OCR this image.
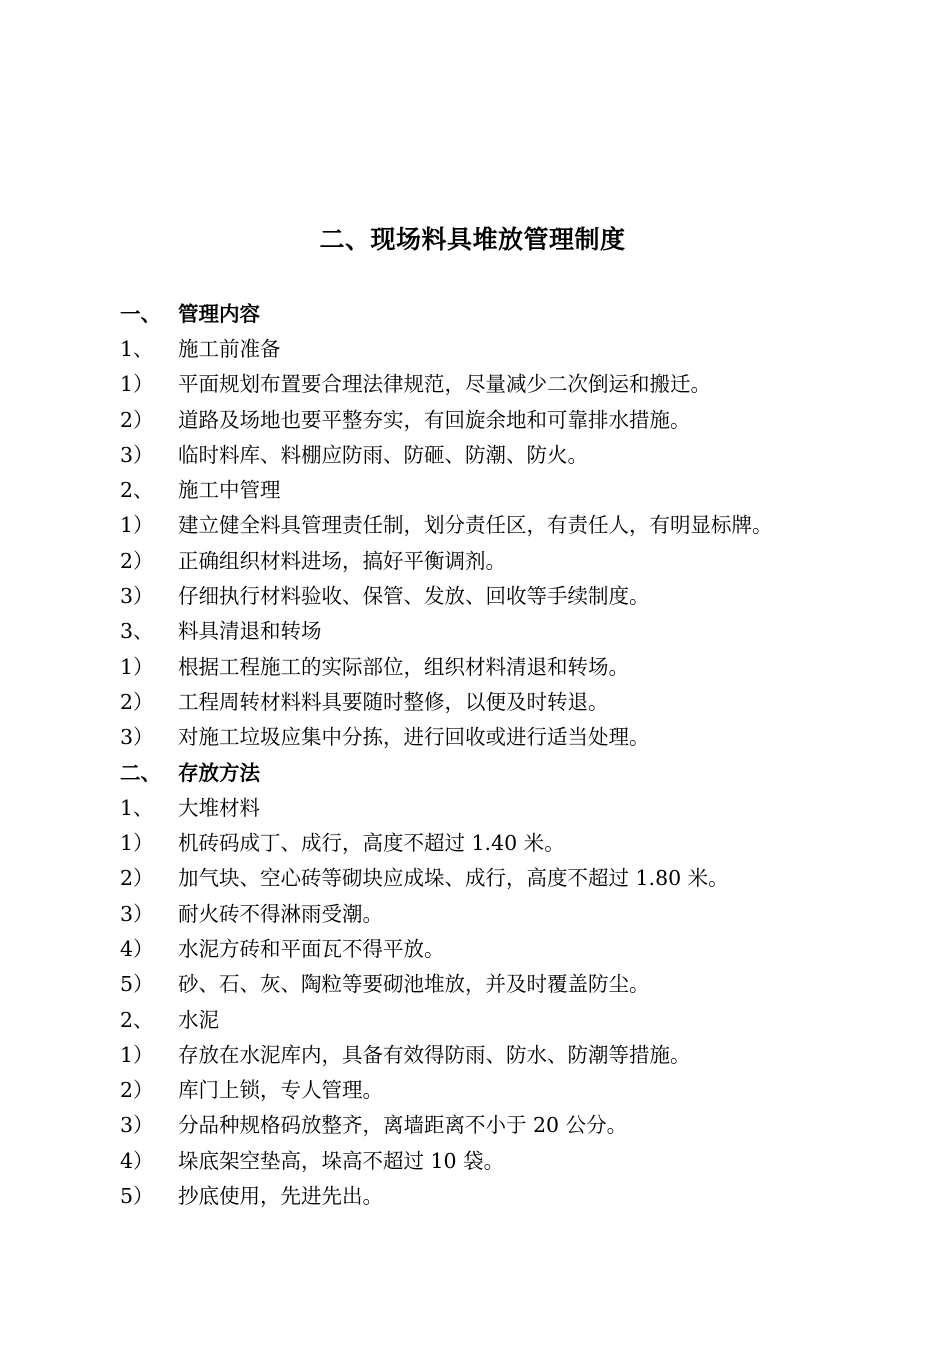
二、现场料具堆放管理制度
一、 管理内容
1、	施工前准备
1）	平面规划布置要合理法律规范，尽量减少二次倒运和搬迁。
2）	道路及场地也要平整夯实，有回旋余地和可靠排水措施。
3）	临时料库、料棚应防雨、防砸、防潮、防火。
2、	施工中管理
1）	建立健全料具管理责任制，划分责任区，有责任人，有明显标牌。
2）	正确组织材料进场，搞好平衡调剂。
3）	仔细执行材料验收、保管、发放、回收等手续制度。
3、	料具清退和转场
1）	根据工程施工的实际部位，组织材料清退和转场。
2）	工程周转材料料具要随时整修，以便及时转退。
3）	对施工垃圾应集中分拣，进行回收或进行适当处理。
二、 存放方法
1、	大堆材料
1）	机砖码成丁、成行，高度不超过 1.40 米。
2）	加气块、空心砖等砌块应成垛、成行，高度不超过 1.80 米。
3）	耐火砖不得淋雨受潮。
4）	水泥方砖和平面瓦不得平放。
5）	砂、石、灰、陶粒等要砌池堆放，并及时覆盖防尘。
2、	水泥
1）	存放在水泥库内，具备有效得防雨、防水、防潮等措施。
2）	库门上锁，专人管理。
3）	分品种规格码放整齐，离墙距离不小于 20 公分。
4）	垛底架空垫高，垛高不超过 10 袋。
5）	抄底使用，先进先出。
